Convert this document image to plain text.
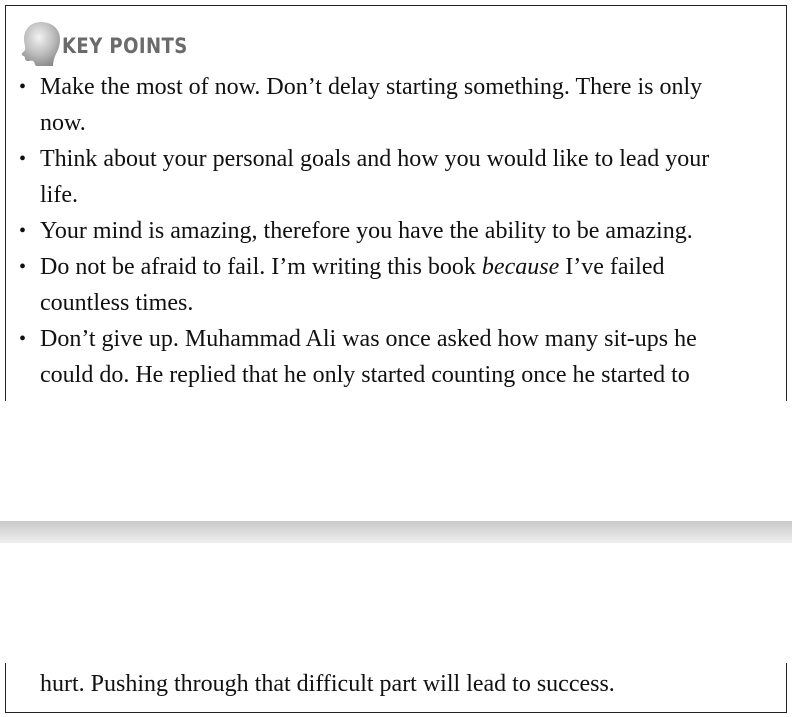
KEY POINTS
• Make the most of now. Don’t delay starting something. There is only
now.
• Think about your personal goals and how you would like to lead your
life.
• Your mind is amazing, therefore you have the ability to be amazing.
• Do not be afraid to fail. I’m writing this book because I’ve failed
countless times.
• Don’t give up. Muhammad Ali was once asked how many sit-ups he
could do. He replied that he only started counting once he started to
hurt. Pushing through that difficult part will lead to success.
